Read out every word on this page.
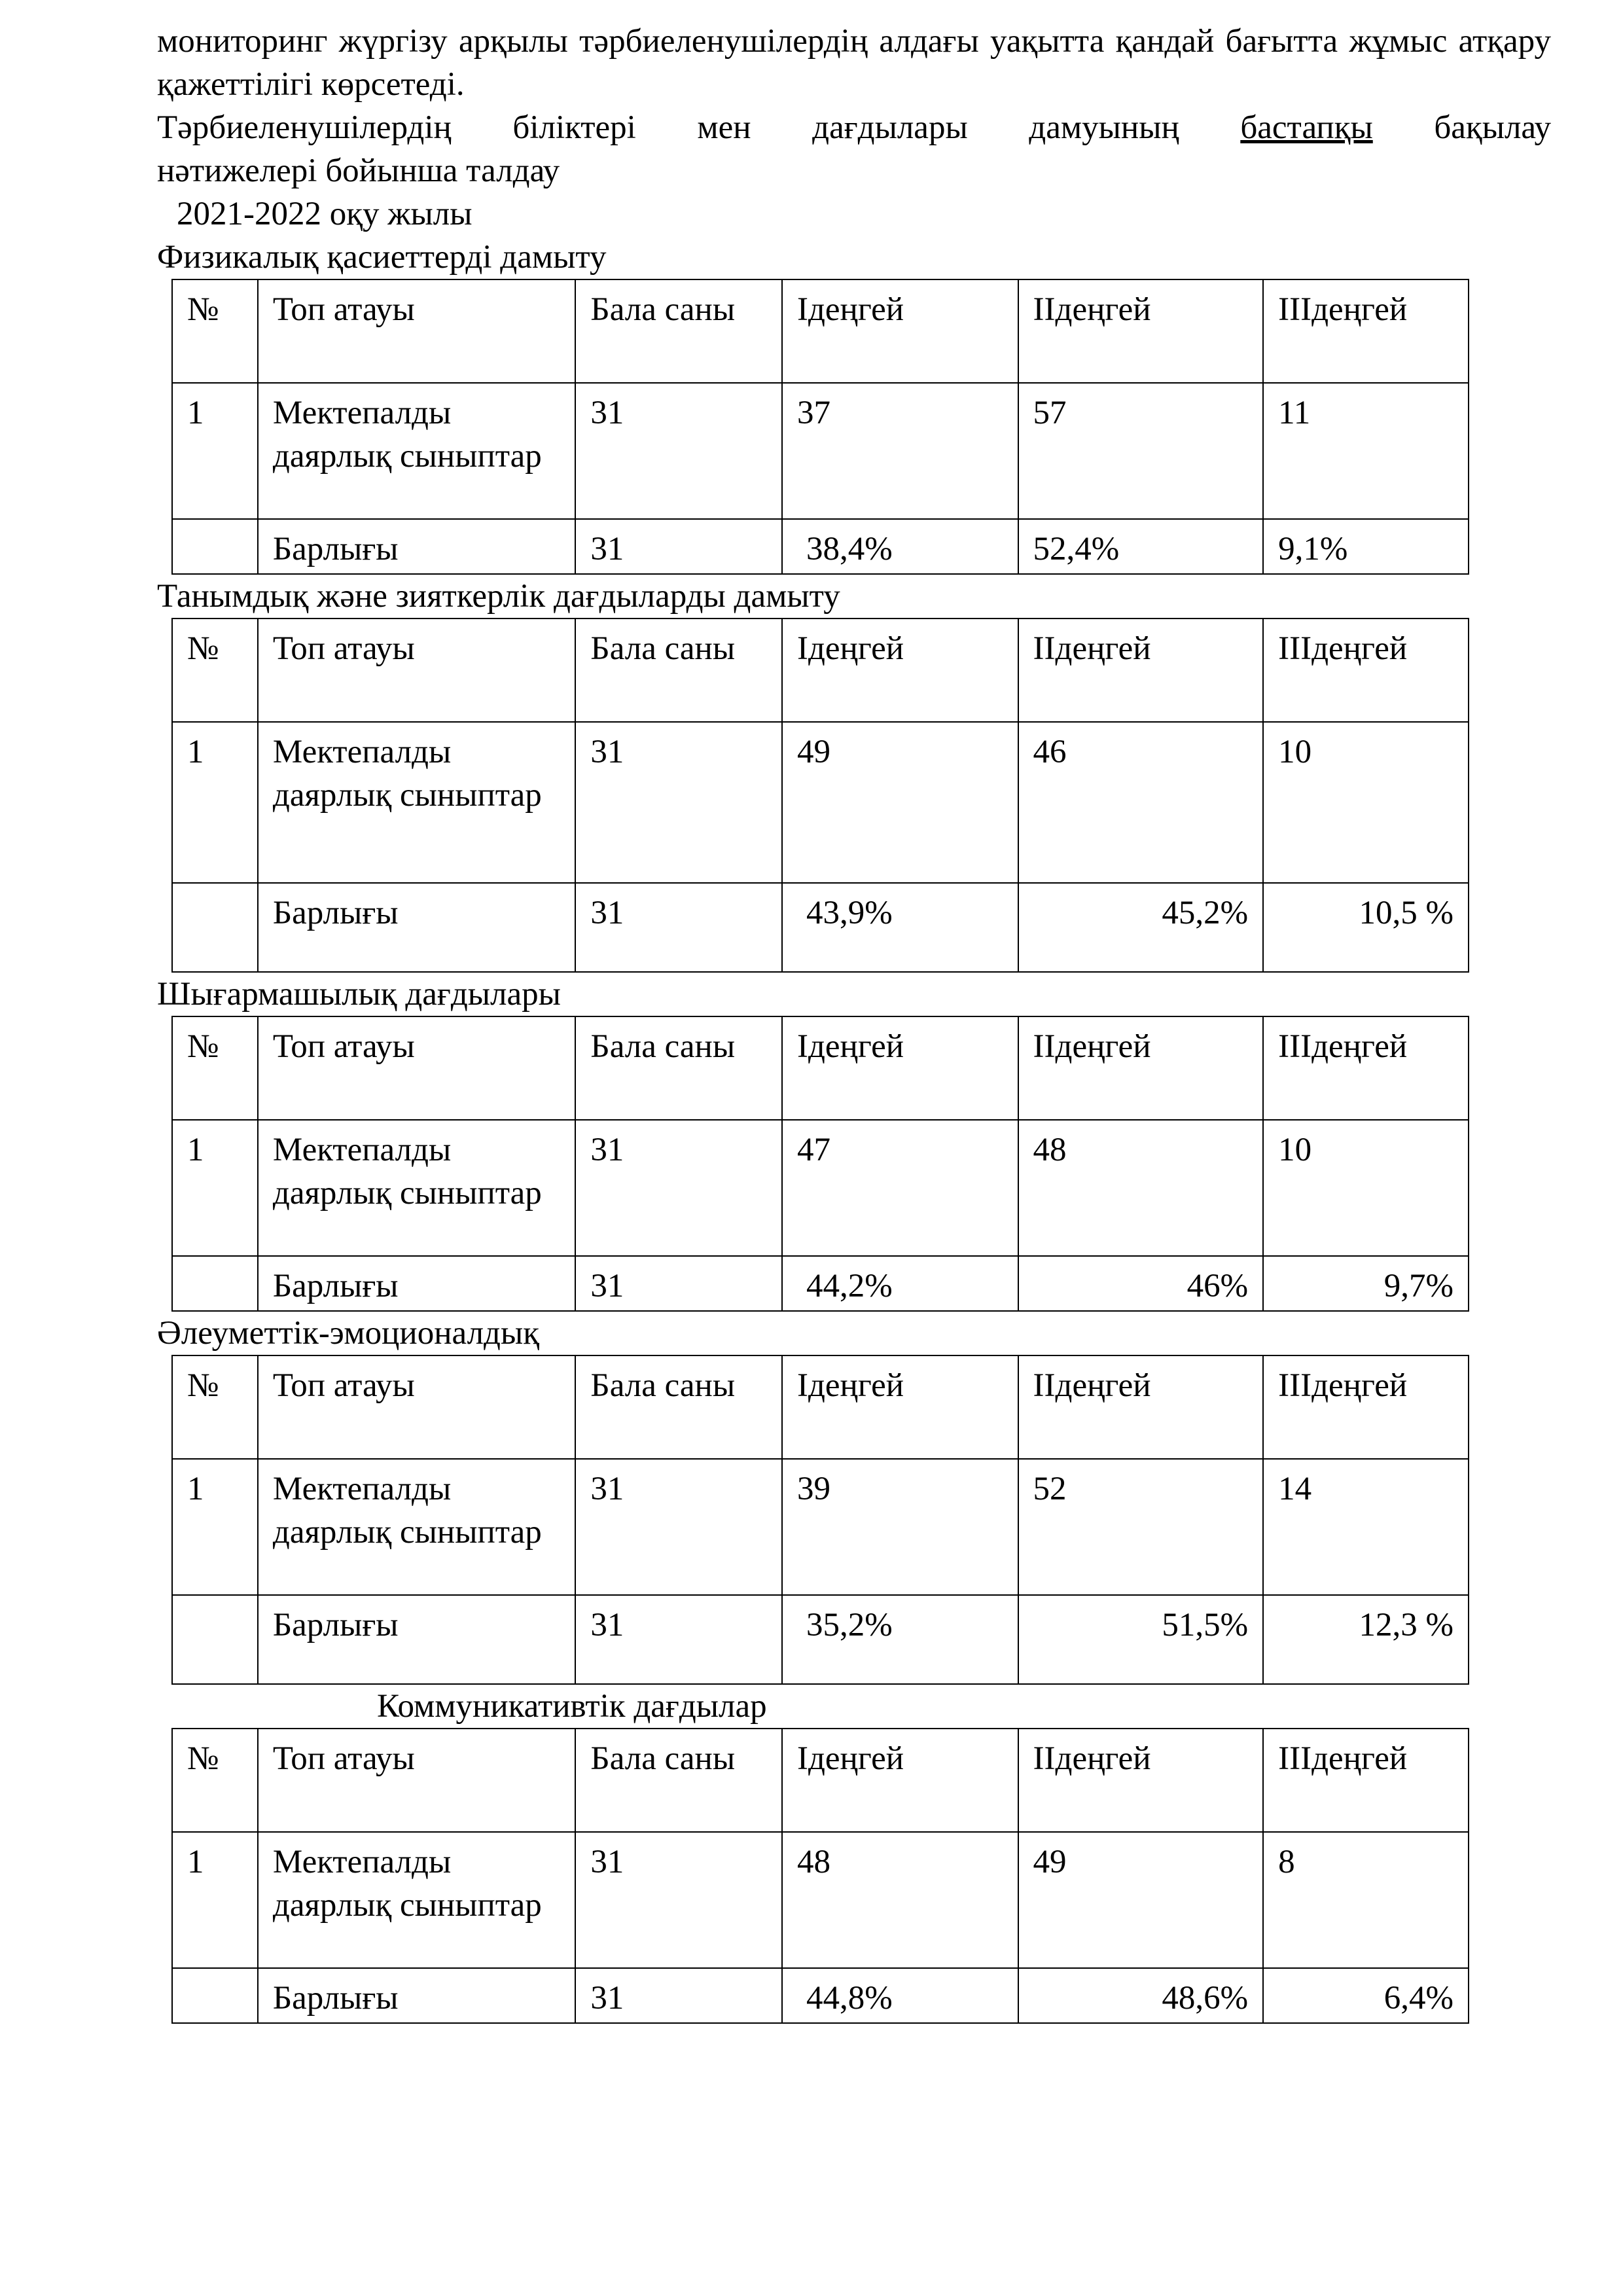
мониторинг жүргізу арқылы тәрбиеленушілердің алдағы уақытта қандай бағытта жұмыс атқару қажеттілігі көрсетеді.

Тәрбиеленушілердің біліктері мен дағдылары дамуының бастапқы бақылау

нәтижелері бойынша талдау

2021-2022 оқу жылы

Физикалық қасиеттерді дамыту

№	Топ атауы	Бала саны	Ідеңгей	ІІдеңгей	ІІІдеңгей
1	Мектепалды даярлық сыныптар	31	37	57	11
	Барлығы	31	38,4%	52,4%	9,1%

Танымдық және зияткерлік дағдыларды дамыту

№	Топ атауы	Бала саны	Ідеңгей	ІІдеңгей	ІІІдеңгей
1	Мектепалды даярлық сыныптар	31	49	46	10
	Барлығы	31	43,9%	45,2%	10,5 %

Шығармашылық дағдылары

№	Топ атауы	Бала саны	Ідеңгей	ІІдеңгей	ІІІдеңгей
1	Мектепалды даярлық сыныптар	31	47	48	10
	Барлығы	31	44,2%	46%	9,7%

Әлеуметтік-эмоционалдық

№	Топ атауы	Бала саны	Ідеңгей	ІІдеңгей	ІІІдеңгей
1	Мектепалды даярлық сыныптар	31	39	52	14
	Барлығы	31	35,2%	51,5%	12,3 %

Коммуникативтік дағдылар

№	Топ атауы	Бала саны	Ідеңгей	ІІдеңгей	ІІІдеңгей
1	Мектепалды даярлық сыныптар	31	48	49	8
	Барлығы	31	44,8%	48,6%	6,4%
